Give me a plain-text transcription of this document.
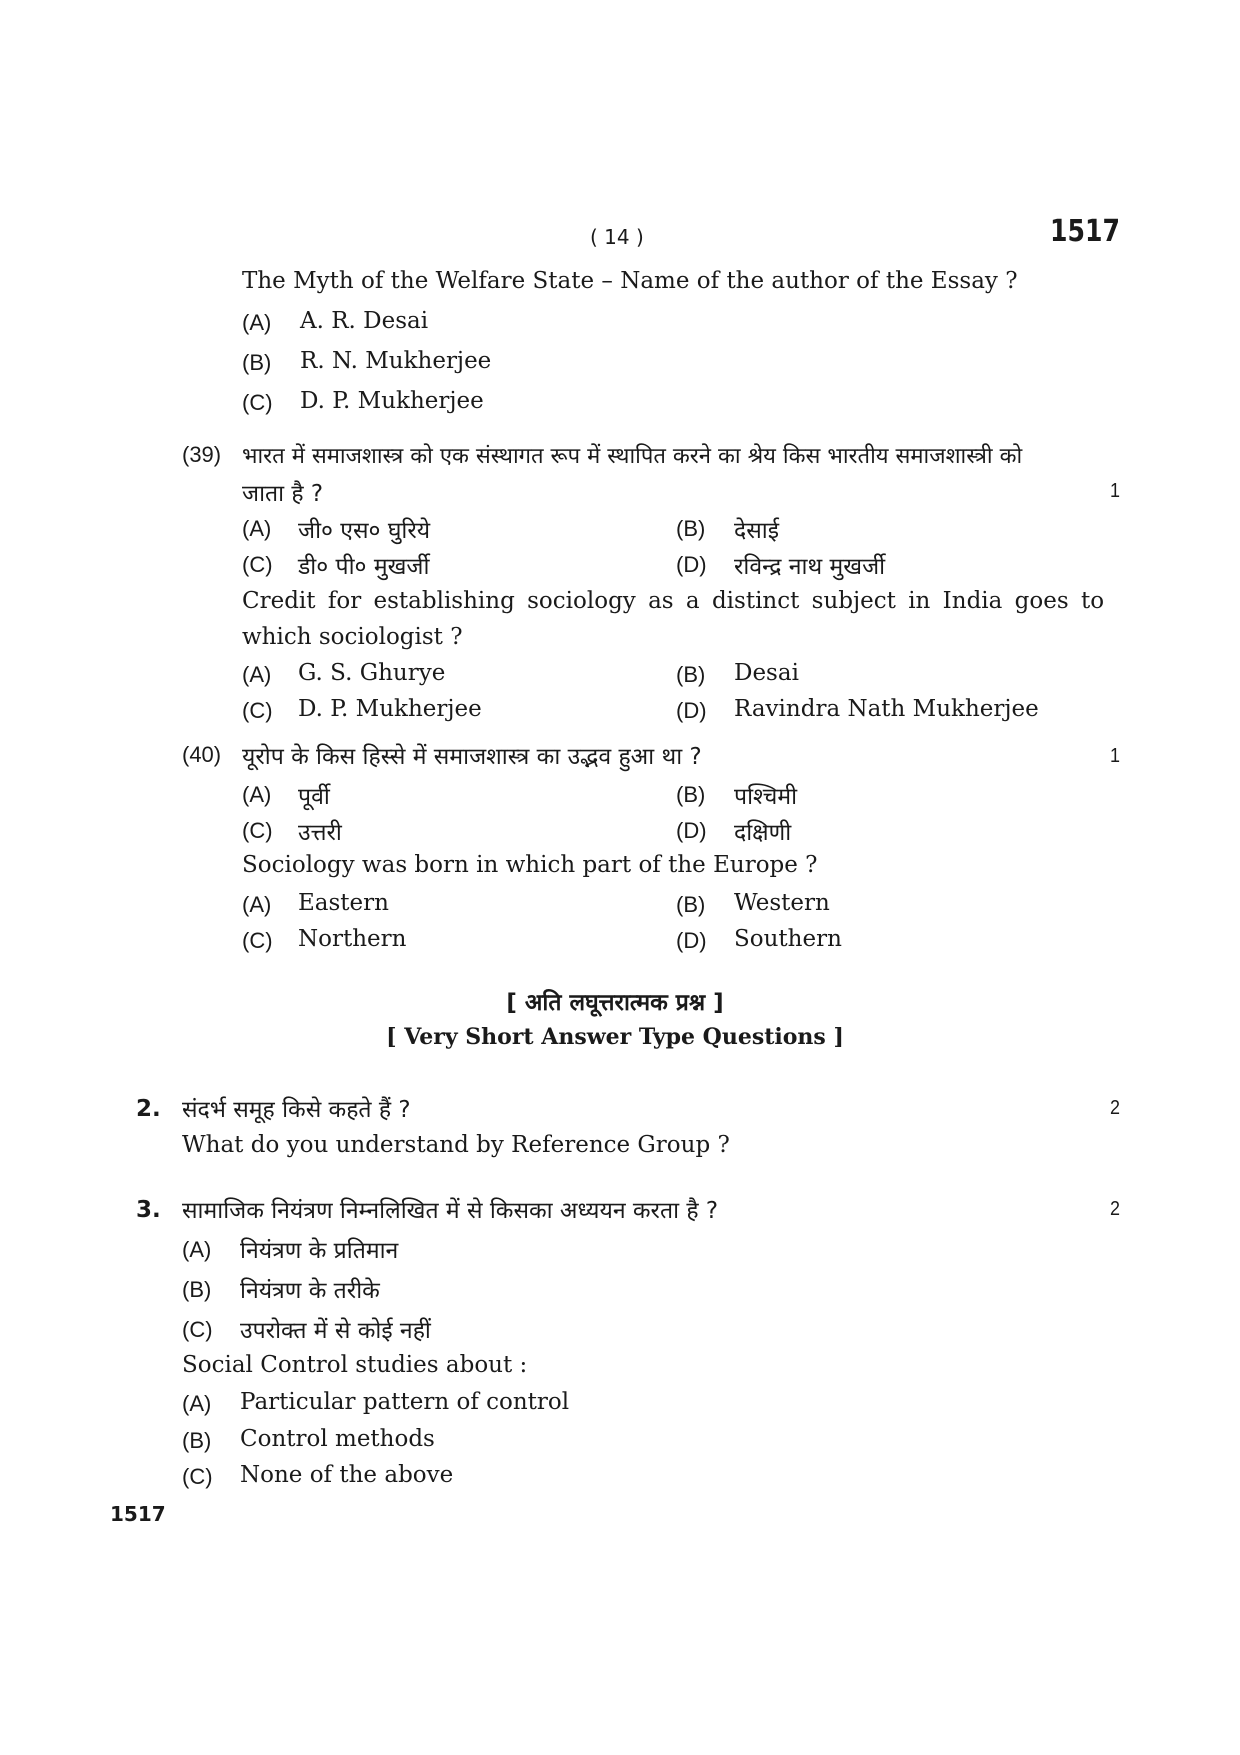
( 14 )	1517
The Myth of the Welfare State – Name of the author of the Essay ?
(A) A. R. Desai
(B) R. N. Mukherjee
(C) D. P. Mukherjee
(39) भारत में समाजशास्त्र को एक संस्थागत रूप में स्थापित करने का श्रेय किस भारतीय समाजशास्त्री को
जाता है ?	1
(A) जी० एस० घुरिये	(B) देसाई
(C) डी० पी० मुखर्जी	(D) रविन्द्र नाथ मुखर्जी
Credit for establishing sociology as a distinct subject in India goes to
which sociologist ?
(A) G. S. Ghurye	(B) Desai
(C) D. P. Mukherjee	(D) Ravindra Nath Mukherjee
(40) यूरोप के किस हिस्से में समाजशास्त्र का उद्भव हुआ था ?	1
(A) पूर्वी	(B) पश्चिमी
(C) उत्तरी	(D) दक्षिणी
Sociology was born in which part of the Europe ?
(A) Eastern	(B) Western
(C) Northern	(D) Southern
[ अति लघूत्तरात्मक प्रश्न ]
[ Very Short Answer Type Questions ]
2. संदर्भ समूह किसे कहते हैं ?	2
What do you understand by Reference Group ?
3. सामाजिक नियंत्रण निम्नलिखित में से किसका अध्ययन करता है ?	2
(A) नियंत्रण के प्रतिमान
(B) नियंत्रण के तरीके
(C) उपरोक्त में से कोई नहीं
Social Control studies about :
(A) Particular pattern of control
(B) Control methods
(C) None of the above
1517
